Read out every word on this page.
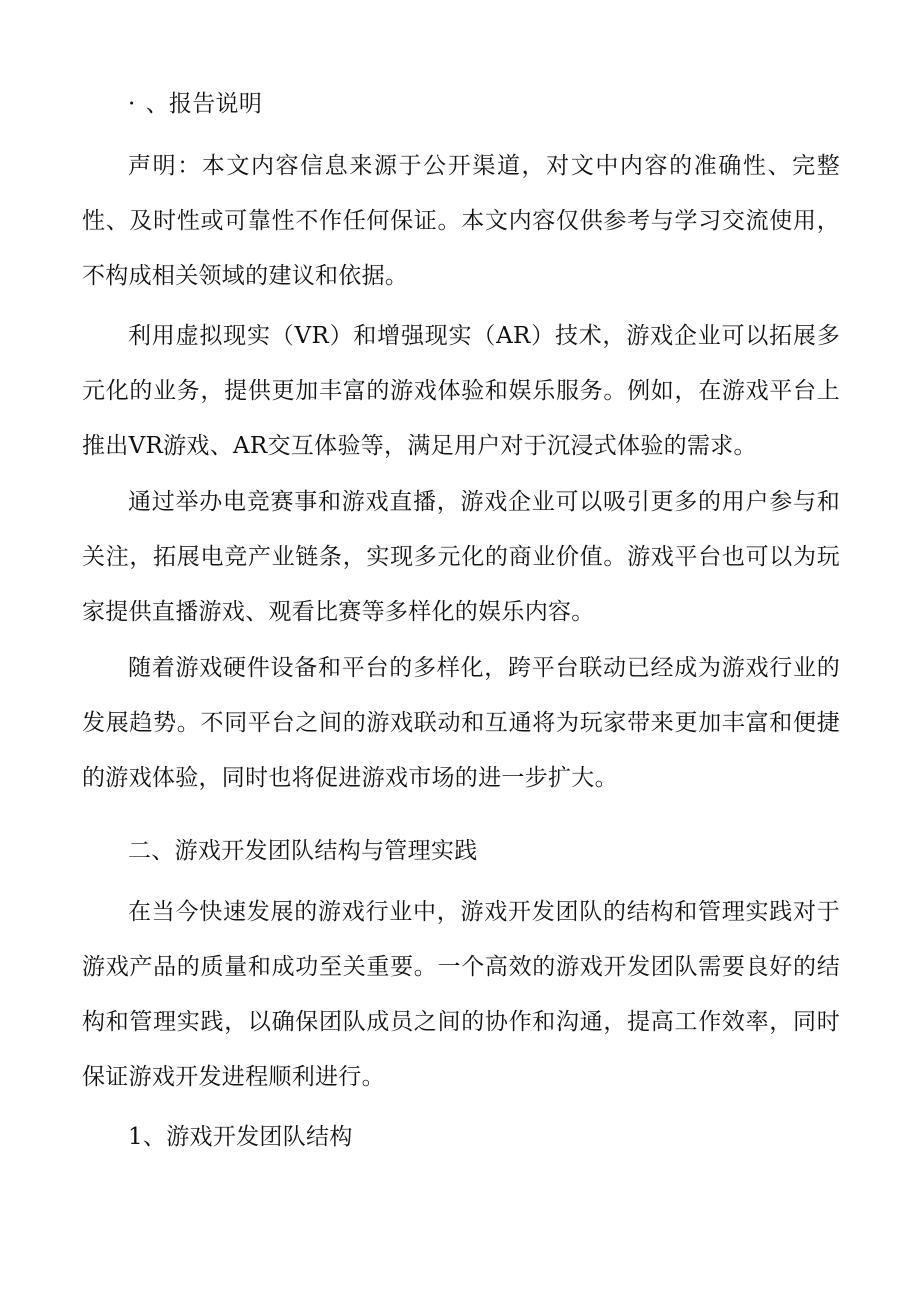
· 、报告说明

声明：本文内容信息来源于公开渠道，对文中内容的准确性、完整性、及时性或可靠性不作任何保证。本文内容仅供参考与学习交流使用，不构成相关领域的建议和依据。

利用虚拟现实（VR）和增强现实（AR）技术，游戏企业可以拓展多元化的业务，提供更加丰富的游戏体验和娱乐服务。例如，在游戏平台上推出VR游戏、AR交互体验等，满足用户对于沉浸式体验的需求。

通过举办电竞赛事和游戏直播，游戏企业可以吸引更多的用户参与和关注，拓展电竞产业链条，实现多元化的商业价值。游戏平台也可以为玩家提供直播游戏、观看比赛等多样化的娱乐内容。

随着游戏硬件设备和平台的多样化，跨平台联动已经成为游戏行业的发展趋势。不同平台之间的游戏联动和互通将为玩家带来更加丰富和便捷的游戏体验，同时也将促进游戏市场的进一步扩大。

二、游戏开发团队结构与管理实践

在当今快速发展的游戏行业中，游戏开发团队的结构和管理实践对于游戏产品的质量和成功至关重要。一个高效的游戏开发团队需要良好的结构和管理实践，以确保团队成员之间的协作和沟通，提高工作效率，同时保证游戏开发进程顺利进行。

1、游戏开发团队结构
